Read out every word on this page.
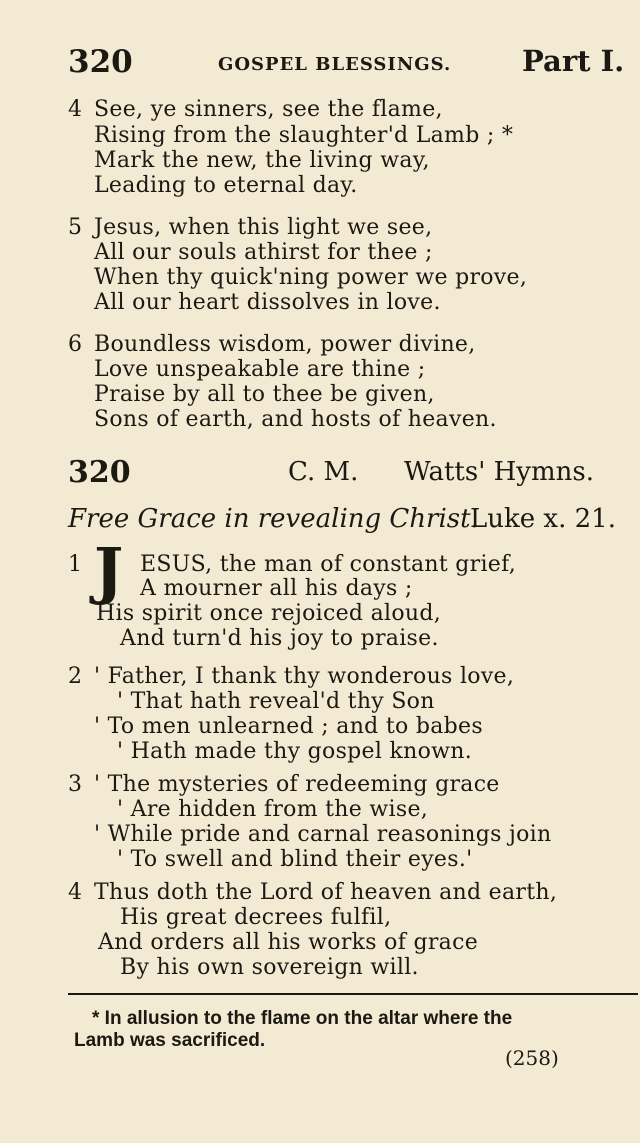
320	GOSPEL BLESSINGS. Part I.
4 See, ye sinners, see the flame,
Rising from the slaughter'd Lamb ; *
Mark the new, the living way,
Leading to eternal day.
5 Jesus, when this light we see,
All our souls athirst for thee ;
When thy quick'ning power we prove,
All our heart dissolves in love.
6 Boundless wisdom, power divine,
Love unspeakable are thine ;
Praise by all to thee be given,
Sons of earth, and hosts of heaven.
320	C. M. Watts' Hymns.
Free Grace in revealing Christ.
Luke x. 21.
1 J ESUS, the man of constant grief,
A mourner all his days ;
His spirit once rejoiced aloud,
And turn'd his joy to praise.
2 ' Father, I thank thy wonderous love,
' That hath reveal'd thy Son
' To men unlearned ; and to babes
' Hath made thy gospel known.
3 ' The mysteries of redeeming grace
' Are hidden from the wise,
' While pride and carnal reasonings join
' To swell and blind their eyes.'
4 Thus doth the Lord of heaven and earth,
His great decrees fulfil,
And orders all his works of grace
By his own sovereign will.
* In allusion to the flame on the altar where the
Lamb was sacrificed.
(258)
